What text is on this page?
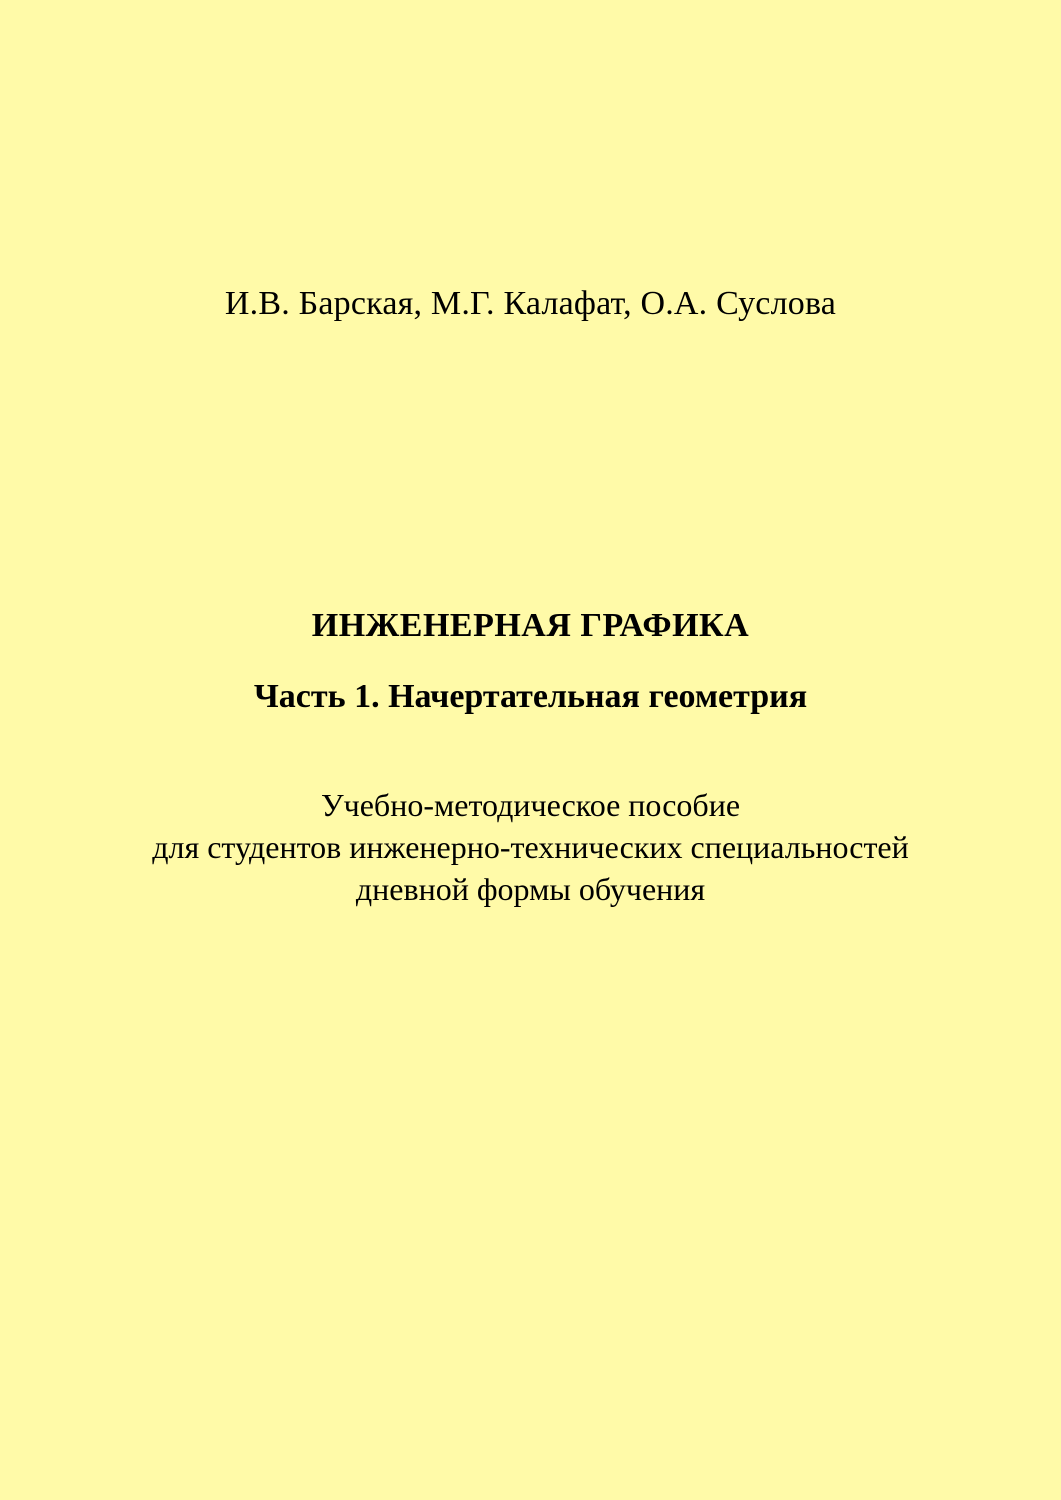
И.В. Барская, М.Г. Калафат, О.А. Суслова
ИНЖЕНЕРНАЯ ГРАФИКА
Часть 1. Начертательная геометрия
Учебно-методическое пособие
для студентов инженерно-технических специальностей
дневной формы обучения
